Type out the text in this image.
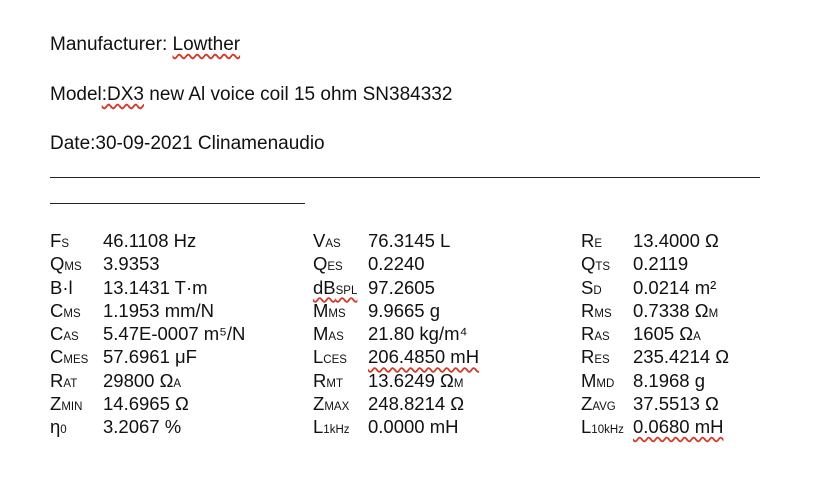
Manufacturer: Lowther
Model:DX3 new Al voice coil 15 ohm SN384332
Date:30-09-2021 Clinamenaudio
FS 46.1108 Hz
QMS 3.9353
B·l 13.1431 T·m
CMS 1.1953 mm/N
CAS 5.47E-0007 m⁵/N
CMES 57.6961 μF
RAT 29800 ΩA
ZMIN 14.6965 Ω
η0 3.2067 %
VAS 76.3145 L
QES 0.2240
dBSPL 97.2605
MMS 9.9665 g
MAS 21.80 kg/m⁴
LCES 206.4850 mH
RMT 13.6249 ΩM
ZMAX 248.8214 Ω
L1kHz 0.0000 mH
RE 13.4000 Ω
QTS 0.2119
SD 0.0214 m²
RMS 0.7338 ΩM
RAS 1605 ΩA
RES 235.4214 Ω
MMD 8.1968 g
ZAVG 37.5513 Ω
L10kHz 0.0680 mH
